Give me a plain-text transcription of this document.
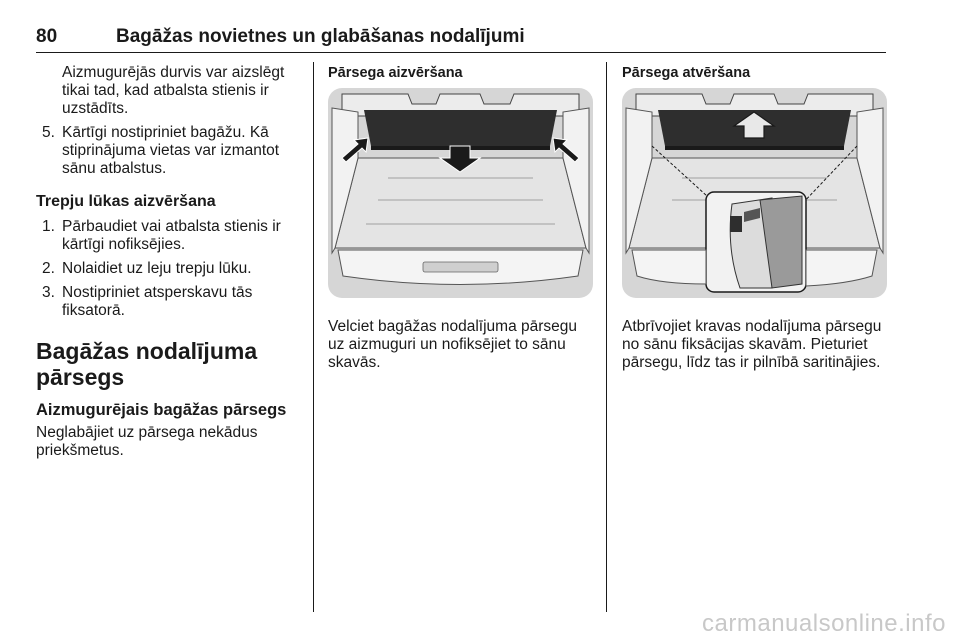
80	Bagāžas novietnes un glabāšanas nodalījumi

Aizmugurējās durvis var aizslēgt tikai tad, kad atbalsta stienis ir uzstādīts.

5. Kārtīgi nostipriniet bagāžu. Kā stiprinājuma vietas var izmantot sānu atbalstus.
Trepju lūkas aizvēršana
1. Pārbaudiet vai atbalsta stienis ir kārtīgi nofiksējies.
2. Nolaidiet uz leju trepju lūku.
3. Nostipriniet atsperskavu tās fiksatorā.
Bagāžas nodalījuma pārsegs
Aizmugurējais bagāžas pārsegs

Neglabājiet uz pārsega nekādus priekšmetus.

Pārsega aizvēršana

Velciet bagāžas nodalījuma pārsegu uz aizmuguri un nofiksējiet to sānu skavās.

Pārsega atvēršana

Atbrīvojiet kravas nodalījuma pārsegu no sānu fiksācijas skavām. Pieturiet pārsegu, līdz tas ir pilnībā saritinājies.

carmanualsonline.info
